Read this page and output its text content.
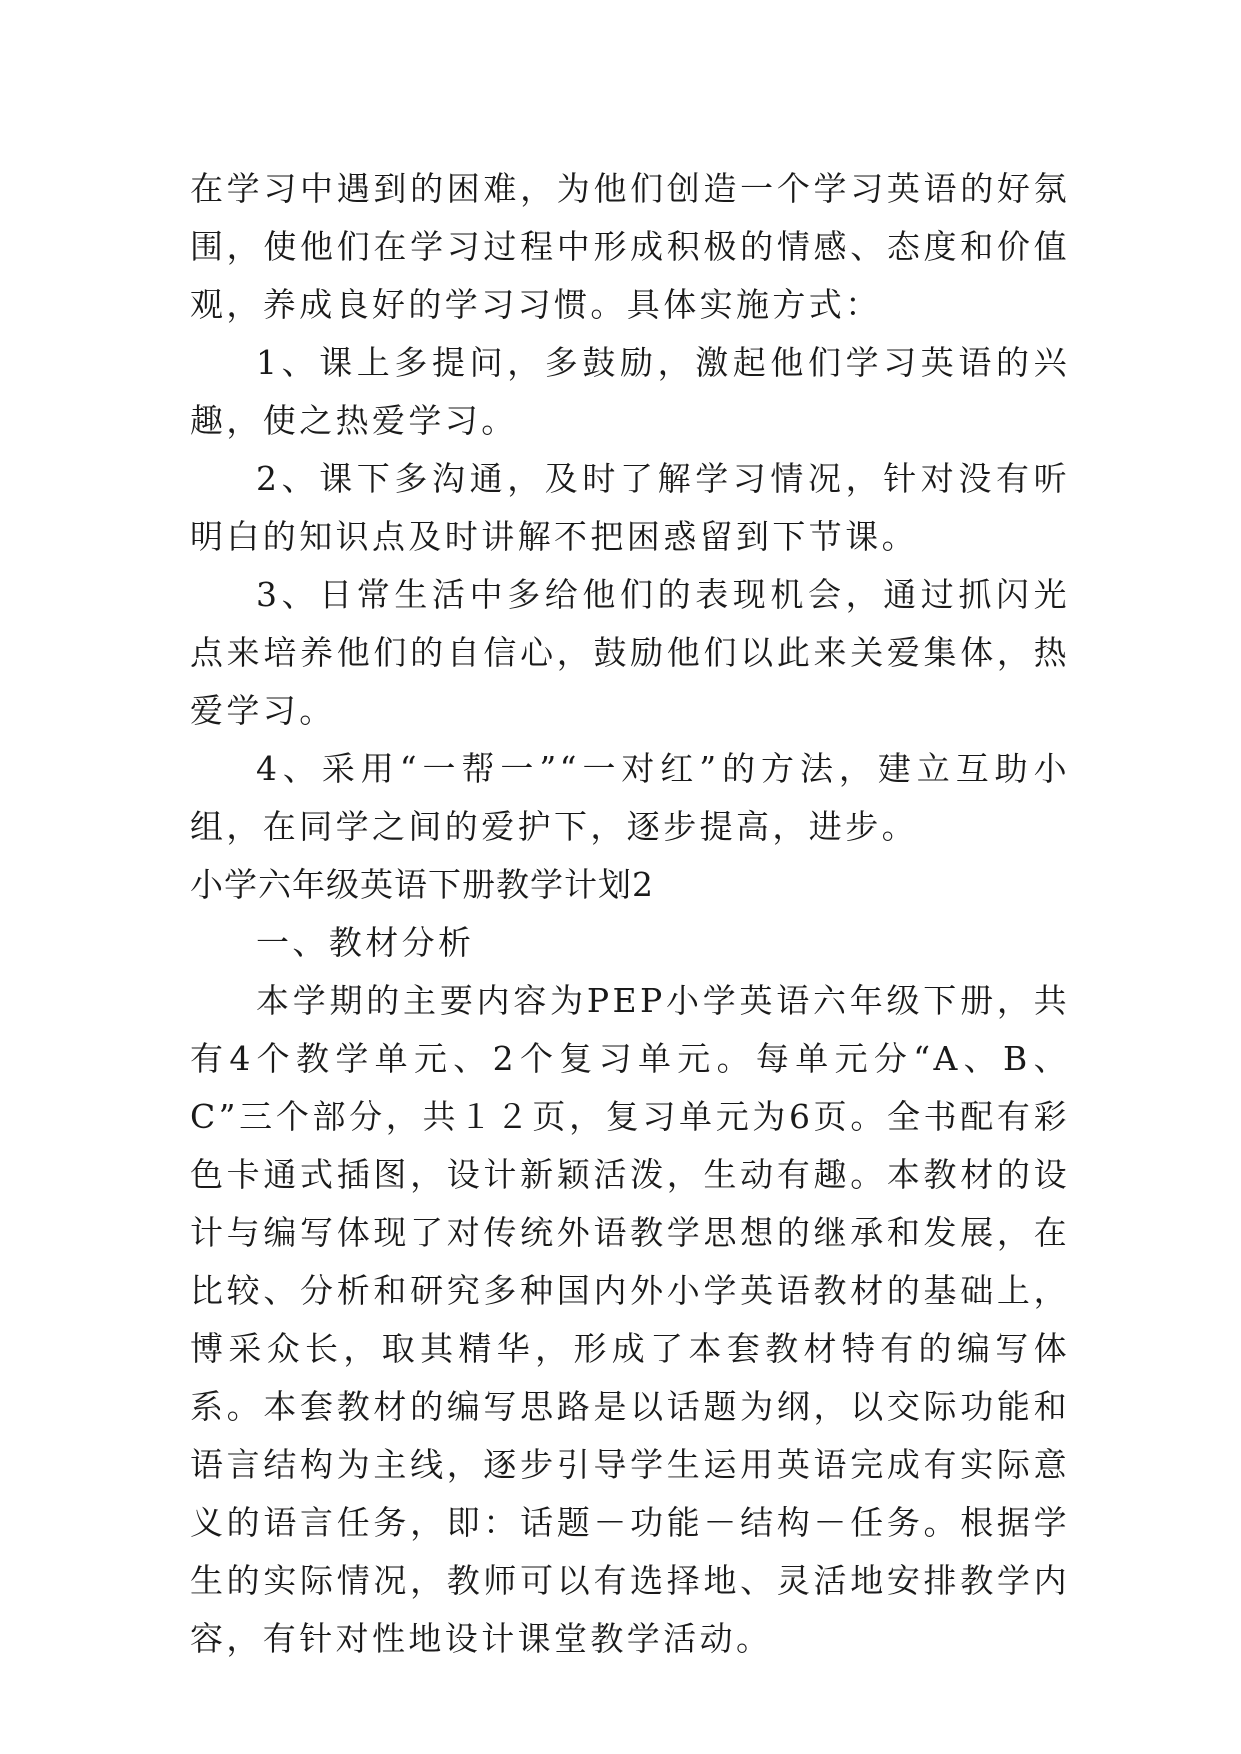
在学习中遇到的困难，为他们创造一个学习英语的好氛围，使他们在学习过程中形成积极的情感、态度和价值观，养成良好的学习习惯。具体实施方式：

1、课上多提问，多鼓励，激起他们学习英语的兴趣，使之热爱学习。

2、课下多沟通，及时了解学习情况，针对没有听明白的知识点及时讲解不把困惑留到下节课。

3、日常生活中多给他们的表现机会，通过抓闪光点来培养他们的自信心，鼓励他们以此来关爱集体，热爱学习。

4、采用“一帮一”“一对红”的方法，建立互助小组，在同学之间的爱护下，逐步提高，进步。

小学六年级英语下册教学计划2

一、教材分析

本学期的主要内容为PEP小学英语六年级下册，共有4个教学单元、2个复习单元。每单元分“A、B、C”三个部分，共１２页，复习单元为6页。全书配有彩色卡通式插图，设计新颖活泼，生动有趣。本教材的设计与编写体现了对传统外语教学思想的继承和发展，在比较、分析和研究多种国内外小学英语教材的基础上，博采众长，取其精华，形成了本套教材特有的编写体系。本套教材的编写思路是以话题为纲，以交际功能和语言结构为主线，逐步引导学生运用英语完成有实际意义的语言任务，即：话题－功能－结构－任务。根据学生的实际情况，教师可以有选择地、灵活地安排教学内容，有针对性地设计课堂教学活动。
